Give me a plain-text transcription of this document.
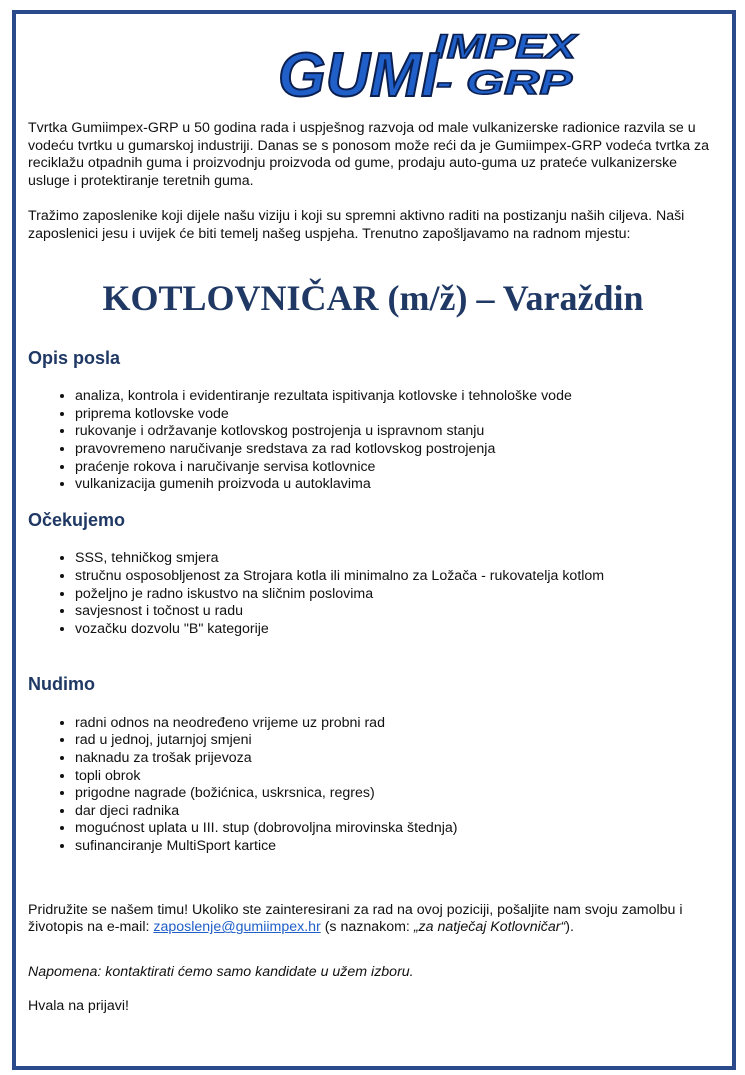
IMPEX
GUMI
- GRP

Tvrtka Gumiimpex-GRP u 50 godina rada i uspješnog razvoja od male vulkanizerske radionice razvila se u vodeću tvrtku u gumarskoj industriji. Danas se s ponosom može reći da je Gumiimpex-GRP vodeća tvrtka za reciklažu otpadnih guma i proizvodnju proizvoda od gume, prodaju auto-guma uz prateće vulkanizerske usluge i protektiranje teretnih guma.

Tražimo zaposlenike koji dijele našu viziju i koji su spremni aktivno raditi na postizanju naših ciljeva. Naši zaposlenici jesu i uvijek će biti temelj našeg uspjeha. Trenutno zapošljavamo na radnom mjestu:

KOTLOVNIČAR (m/ž) – Varaždin
Opis posla
• analiza, kontrola i evidentiranje rezultata ispitivanja kotlovske i tehnološke vode
• priprema kotlovske vode
• rukovanje i održavanje kotlovskog postrojenja u ispravnom stanju
• pravovremeno naručivanje sredstava za rad kotlovskog postrojenja
• praćenje rokova i naručivanje servisa kotlovnice
• vulkanizacija gumenih proizvoda u autoklavima
Očekujemo
• SSS, tehničkog smjera
• stručnu osposobljenost za Strojara kotla ili minimalno za Ložača - rukovatelja kotlom
• poželjno je radno iskustvo na sličnim poslovima
• savjesnost i točnost u radu
• vozačku dozvolu "B" kategorije
Nudimo
• radni odnos na neodređeno vrijeme uz probni rad
• rad u jednoj, jutarnjoj smjeni
• naknadu za trošak prijevoza
• topli obrok
• prigodne nagrade (božićnica, uskrsnica, regres)
• dar djeci radnika
• mogućnost uplata u III. stup (dobrovoljna mirovinska štednja)
• sufinanciranje MultiSport kartice

Pridružite se našem timu! Ukoliko ste zainteresirani za rad na ovoj poziciji, pošaljite nam svoju zamolbu i životopis na e-mail: zaposlenje@gumiimpex.hr (s naznakom: „za natječaj Kotlovničar“).

Napomena: kontaktirati ćemo samo kandidate u užem izboru.

Hvala na prijavi!
